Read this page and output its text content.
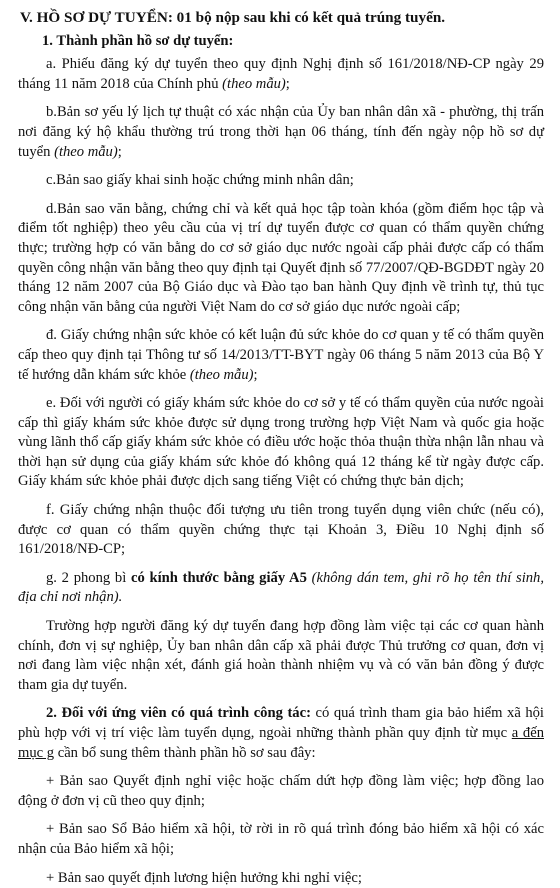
V. HỒ SƠ DỰ TUYỂN: 01 bộ nộp sau khi có kết quả trúng tuyển.
1. Thành phần hồ sơ dự tuyển:

a. Phiếu đăng ký dự tuyển theo quy định Nghị định số 161/2018/NĐ-CP ngày 29 tháng 11 năm 2018 của Chính phủ (theo mẫu);

b.Bản sơ yếu lý lịch tự thuật có xác nhận của Ủy ban nhân dân xã - phường, thị trấn nơi đăng ký hộ khẩu thường trú trong thời hạn 06 tháng, tính đến ngày nộp hồ sơ dự tuyển (theo mẫu);

c.Bản sao giấy khai sinh hoặc chứng minh nhân dân;

d.Bản sao văn bằng, chứng chỉ và kết quả học tập toàn khóa (gồm điểm học tập và điểm tốt nghiệp) theo yêu cầu của vị trí dự tuyển được cơ quan có thẩm quyền chứng thực; trường hợp có văn bằng do cơ sở giáo dục nước ngoài cấp phải được cấp có thẩm quyền công nhận văn bằng theo quy định tại Quyết định số 77/2007/QĐ-BGDĐT ngày 20 tháng 12 năm 2007 của Bộ Giáo dục và Đào tạo ban hành Quy định về trình tự, thủ tục công nhận văn bằng của người Việt Nam do cơ sở giáo dục nước ngoài cấp;

đ. Giấy chứng nhận sức khỏe có kết luận đủ sức khỏe do cơ quan y tế có thẩm quyền cấp theo quy định tại Thông tư số 14/2013/TT-BYT ngày 06 tháng 5 năm 2013 của Bộ Y tế hướng dẫn khám sức khỏe (theo mẫu);

e. Đối với người có giấy khám sức khỏe do cơ sở y tế có thẩm quyền của nước ngoài cấp thì giấy khám sức khỏe được sử dụng trong trường hợp Việt Nam và quốc gia hoặc vùng lãnh thổ cấp giấy khám sức khỏe có điều ước hoặc thỏa thuận thừa nhận lẫn nhau và thời hạn sử dụng của giấy khám sức khỏe đó không quá 12 tháng kể từ ngày được cấp. Giấy khám sức khỏe phải được dịch sang tiếng Việt có chứng thực bản dịch;

f. Giấy chứng nhận thuộc đối tượng ưu tiên trong tuyển dụng viên chức (nếu có), được cơ quan có thẩm quyền chứng thực tại Khoản 3, Điều 10 Nghị định số 161/2018/NĐ-CP;

g. 2 phong bì có kính thước bằng giấy A5 (không dán tem, ghi rõ họ tên thí sinh, địa chỉ nơi nhận).

Trường hợp người đăng ký dự tuyển đang hợp đồng làm việc tại các cơ quan hành chính, đơn vị sự nghiệp, Ủy ban nhân dân cấp xã phải được Thủ trưởng cơ quan, đơn vị nơi đang làm việc nhận xét, đánh giá hoàn thành nhiệm vụ và có văn bản đồng ý được tham gia dự tuyển.

2. Đối với ứng viên có quá trình công tác: có quá trình tham gia bảo hiểm xã hội phù hợp với vị trí việc làm tuyển dụng, ngoài những thành phần quy định từ mục a đến mục g cần bổ sung thêm thành phần hồ sơ sau đây:

+ Bản sao Quyết định nghỉ việc hoặc chấm dứt hợp đồng làm việc; hợp đồng lao động ở đơn vị cũ theo quy định;

+ Bản sao Sổ Bảo hiểm xã hội, tờ rời in rõ quá trình đóng bảo hiểm xã hội có xác nhận của Bảo hiểm xã hội;

+ Bản sao quyết định lương hiện hưởng khi nghỉ việc;
